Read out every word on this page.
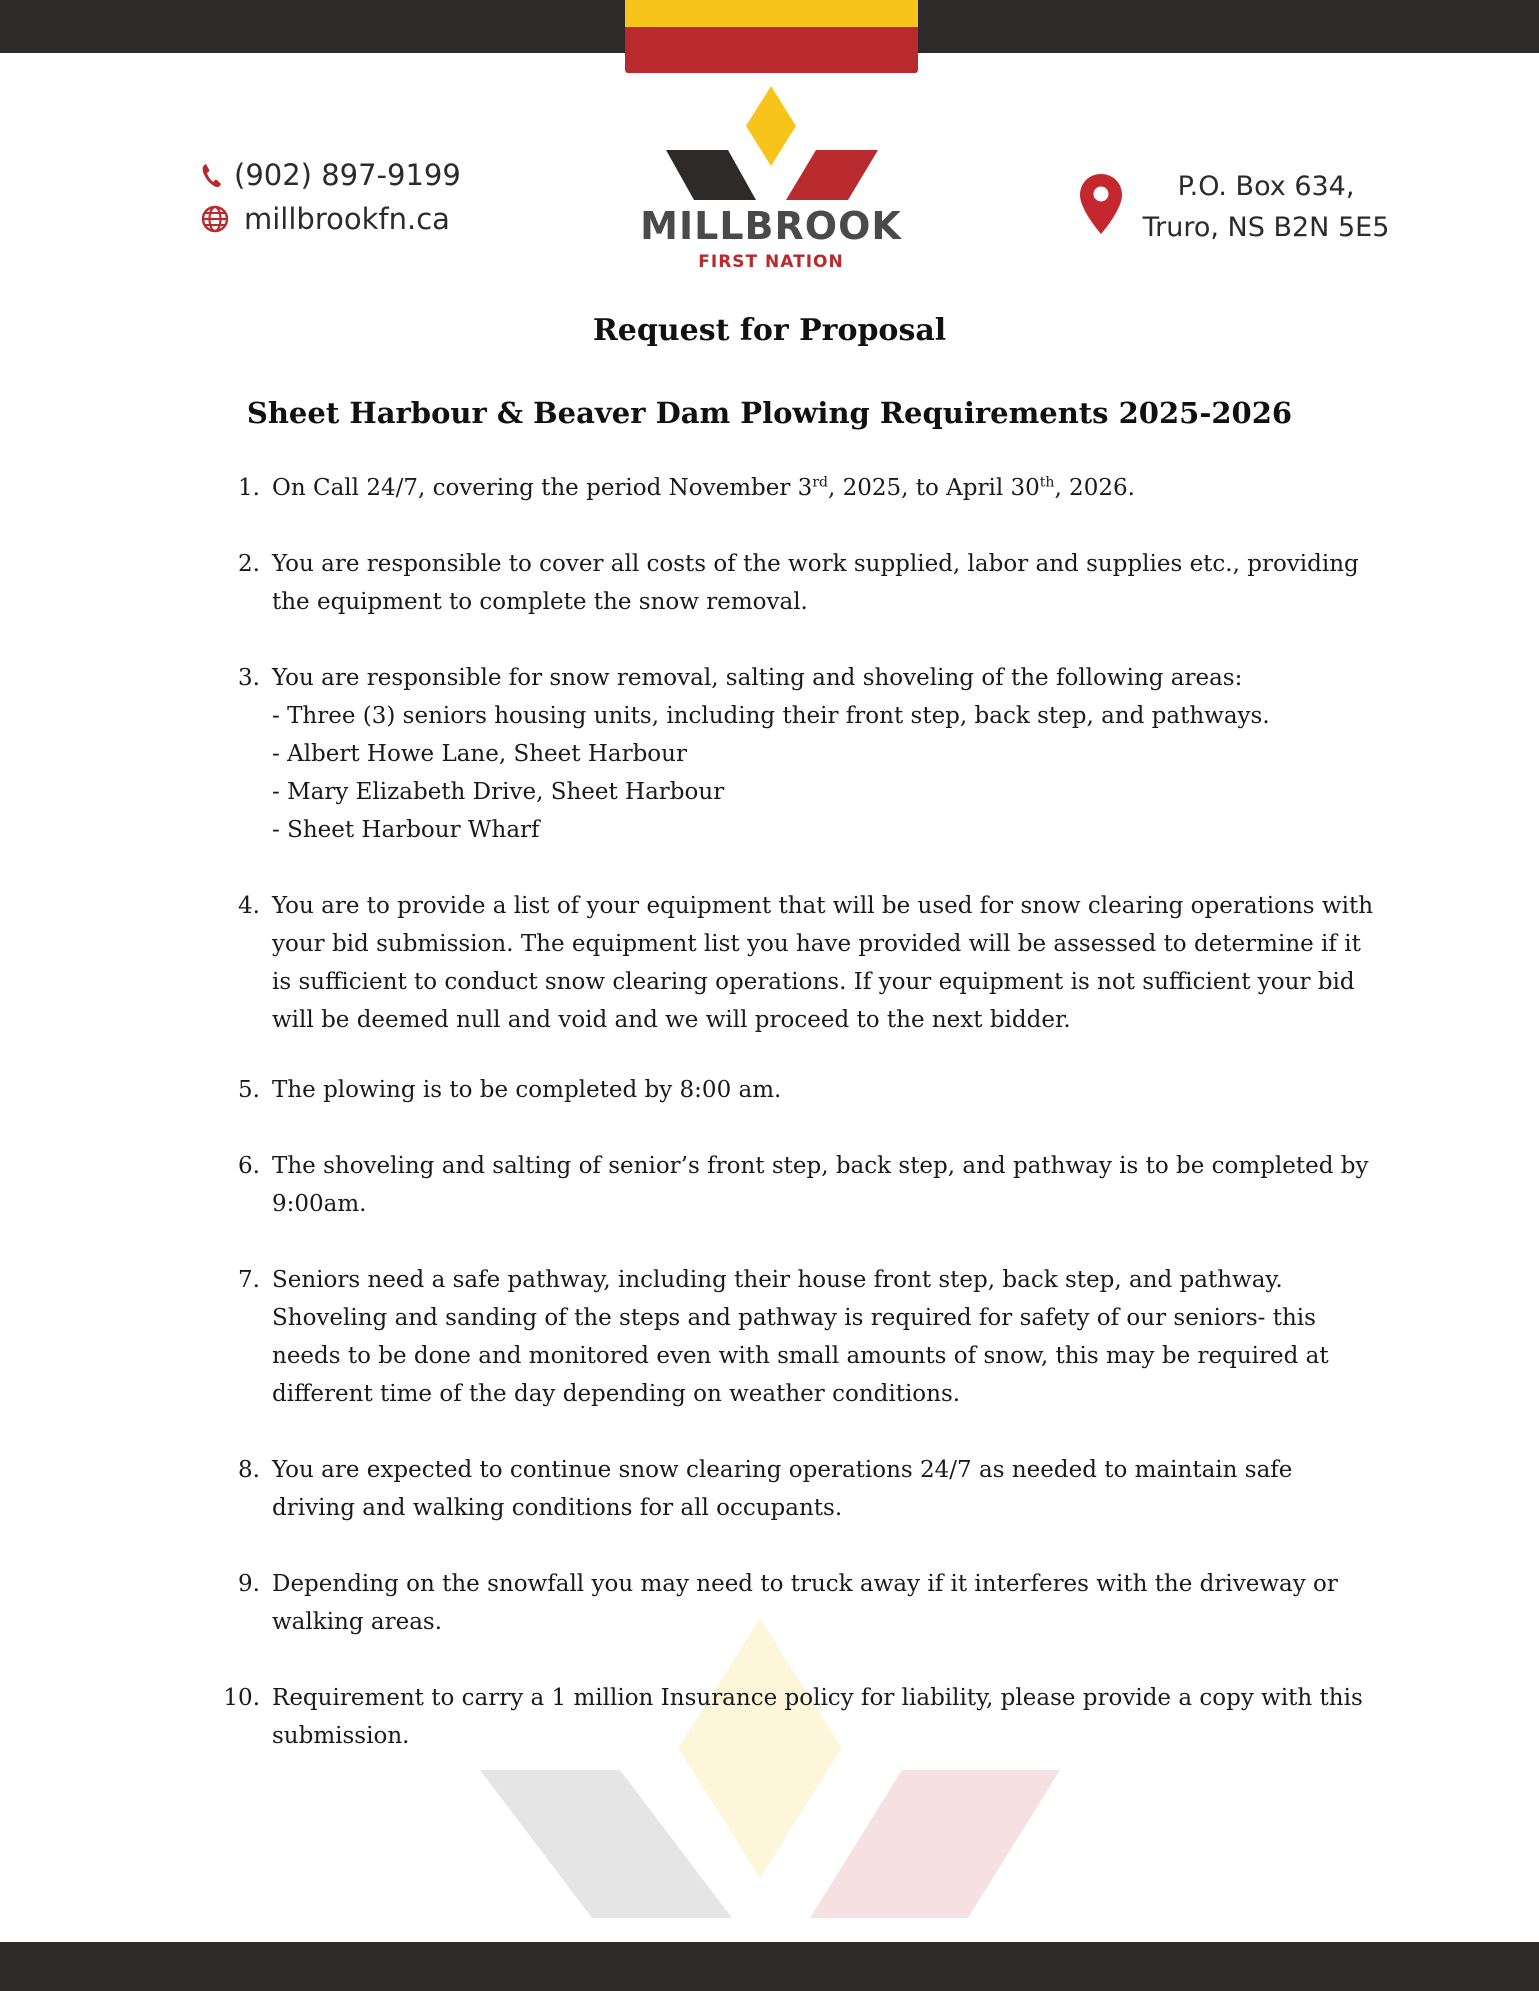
(902) 897-9199
millbrookfn.ca
P.O. Box 634,
Truro, NS B2N 5E5
MILLBROOK
FIRST NATION
Request for Proposal
Sheet Harbour & Beaver Dam Plowing Requirements 2025-2026
1. On Call 24/7, covering the period November 3rd, 2025, to April 30th, 2026.
2. You are responsible to cover all costs of the work supplied, labor and supplies etc., providing the equipment to complete the snow removal.
3. You are responsible for snow removal, salting and shoveling of the following areas:
- Three (3) seniors housing units, including their front step, back step, and pathways.
- Albert Howe Lane, Sheet Harbour
- Mary Elizabeth Drive, Sheet Harbour
- Sheet Harbour Wharf
4. You are to provide a list of your equipment that will be used for snow clearing operations with your bid submission. The equipment list you have provided will be assessed to determine if it is sufficient to conduct snow clearing operations. If your equipment is not sufficient your bid will be deemed null and void and we will proceed to the next bidder.
5. The plowing is to be completed by 8:00 am.
6. The shoveling and salting of senior’s front step, back step, and pathway is to be completed by 9:00am.
7. Seniors need a safe pathway, including their house front step, back step, and pathway. Shoveling and sanding of the steps and pathway is required for safety of our seniors- this needs to be done and monitored even with small amounts of snow, this may be required at different time of the day depending on weather conditions.
8. You are expected to continue snow clearing operations 24/7 as needed to maintain safe driving and walking conditions for all occupants.
9. Depending on the snowfall you may need to truck away if it interferes with the driveway or walking areas.
10. Requirement to carry a 1 million Insurance policy for liability, please provide a copy with this submission.
